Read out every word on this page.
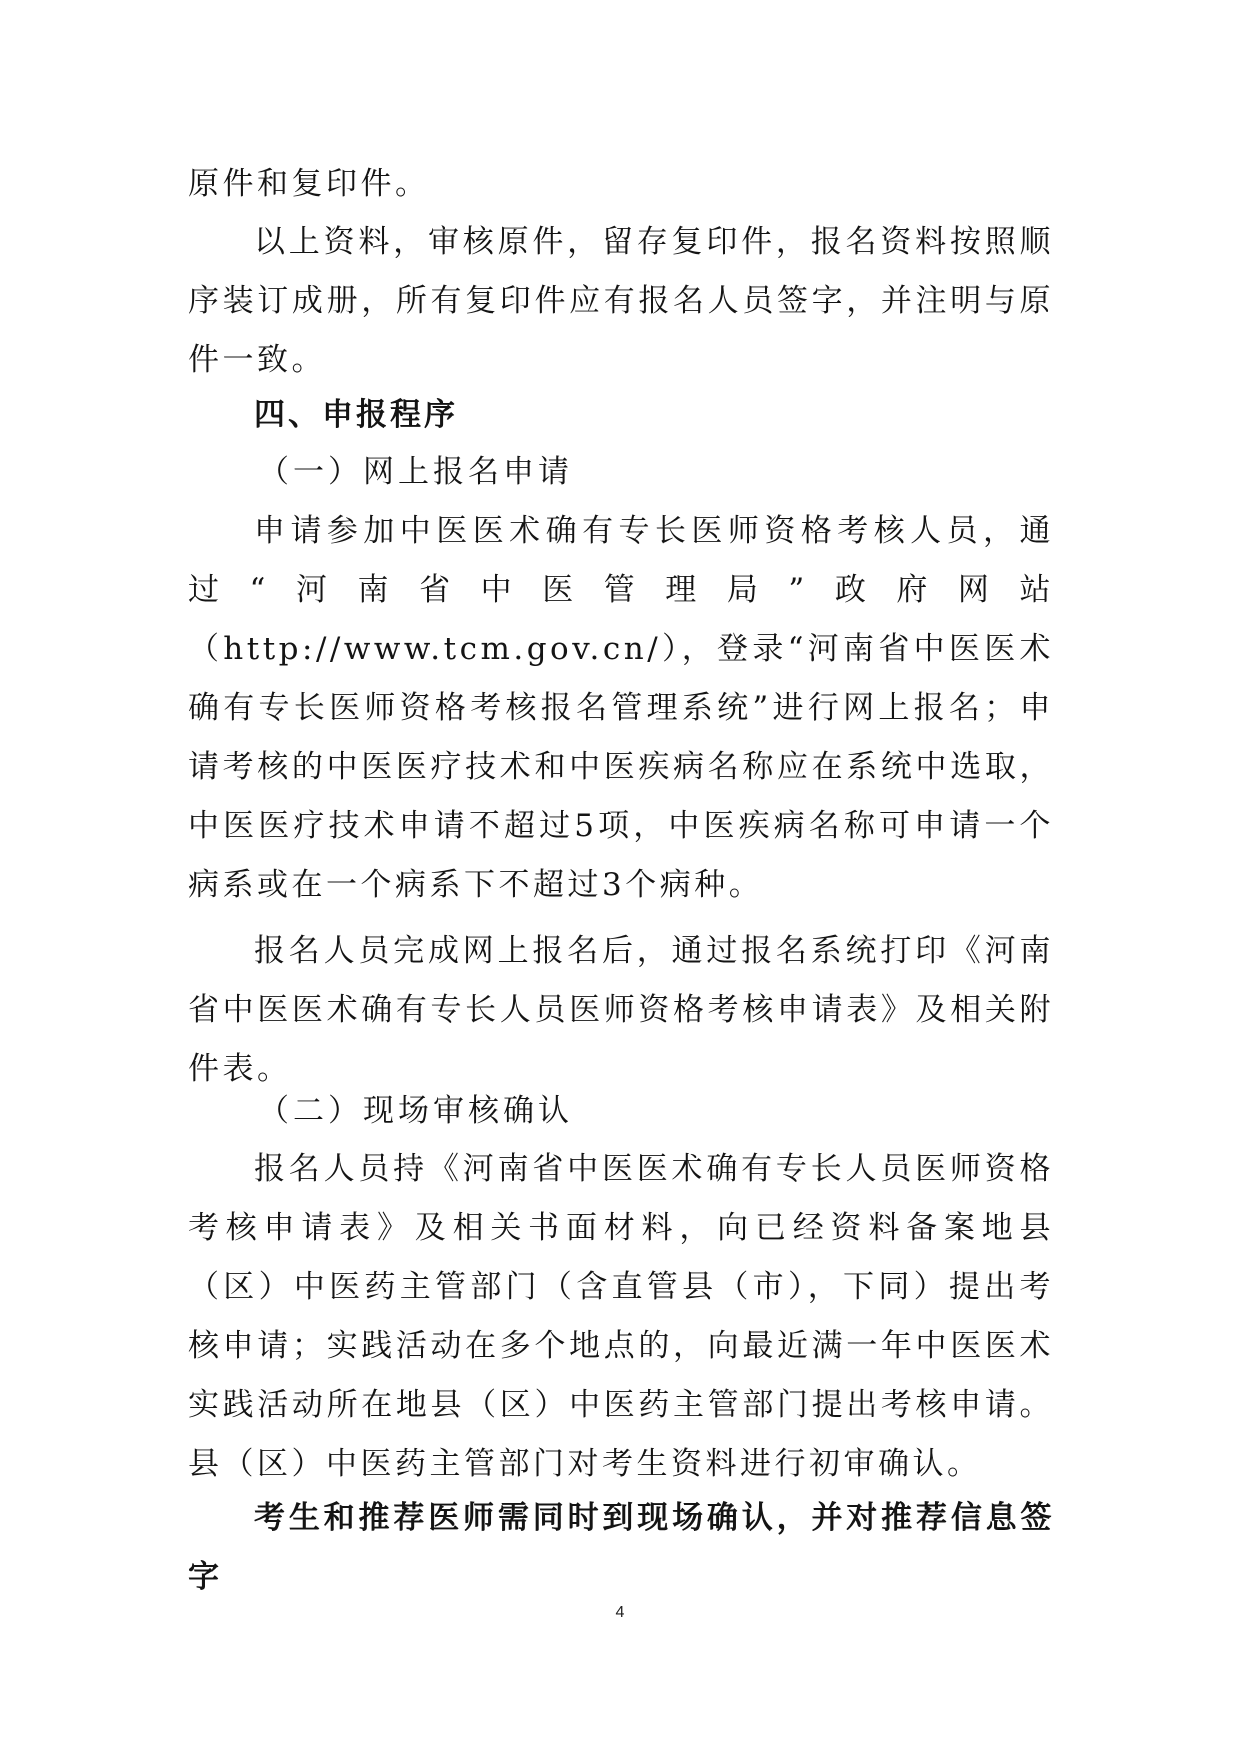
原件和复印件。

以上资料，审核原件，留存复印件，报名资料按照顺序装订成册，所有复印件应有报名人员签字，并注明与原件一致。

四、申报程序
（一）网上报名申请

申请参加中医医术确有专长医师资格考核人员，通过“河南省中医管理局”政府网站（http://www.tcm.gov.cn/），登录“河南省中医医术确有专长医师资格考核报名管理系统”进行网上报名；申请考核的中医医疗技术和中医疾病名称应在系统中选取，中医医疗技术申请不超过5项，中医疾病名称可申请一个病系或在一个病系下不超过3个病种。

报名人员完成网上报名后，通过报名系统打印《河南省中医医术确有专长人员医师资格考核申请表》及相关附件表。

（二）现场审核确认

报名人员持《河南省中医医术确有专长人员医师资格考核申请表》及相关书面材料，向已经资料备案地县（区）中医药主管部门（含直管县（市），下同）提出考核申请；实践活动在多个地点的，向最近满一年中医医术实践活动所在地县（区）中医药主管部门提出考核申请。县（区）中医药主管部门对考生资料进行初审确认。

考生和推荐医师需同时到现场确认，并对推荐信息签字

4
